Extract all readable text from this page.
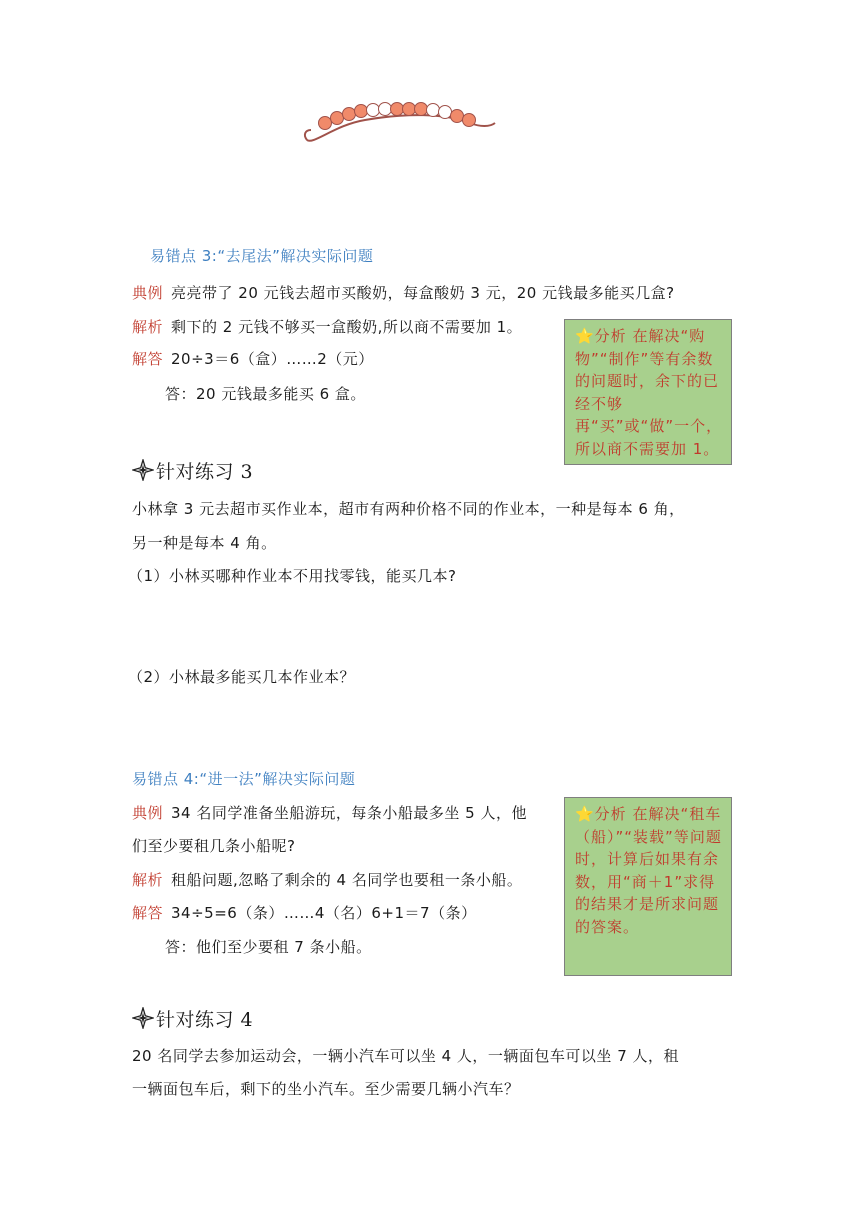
易错点 3:“去尾法”解决实际问题
典例 亮亮带了 20 元钱去超市买酸奶，每盒酸奶 3 元，20 元钱最多能买几盒?
解析 剩下的 2 元钱不够买一盒酸奶,所以商不需要加 1。
解答 20÷3＝6（盒）……2（元）
答：20 元钱最多能买 6 盒。
⭐分析 在解决“购物”“制作”等有余数的问题时，余下的已经不够再“买”或“做”一个，所以商不需要加 1。
针对练习 3
小林拿 3 元去超市买作业本，超市有两种价格不同的作业本，一种是每本 6 角，
另一种是每本 4 角。
（1）小林买哪种作业本不用找零钱，能买几本?
（2）小林最多能买几本作业本？
易错点 4:“进一法”解决实际问题
典例 34 名同学准备坐船游玩，每条小船最多坐 5 人，他
们至少要租几条小船呢?
解析 租船问题,忽略了剩余的 4 名同学也要租一条小船。
解答 34÷5=6（条）……4（名）6+1＝7（条）
答：他们至少要租 7 条小船。
⭐分析 在解决“租车（船）”“装载”等问题时，计算后如果有余数，用“商＋1”求得的结果才是所求问题的答案。
针对练习 4
20 名同学去参加运动会，一辆小汽车可以坐 4 人，一辆面包车可以坐 7 人，租
一辆面包车后，剩下的坐小汽车。至少需要几辆小汽车？
